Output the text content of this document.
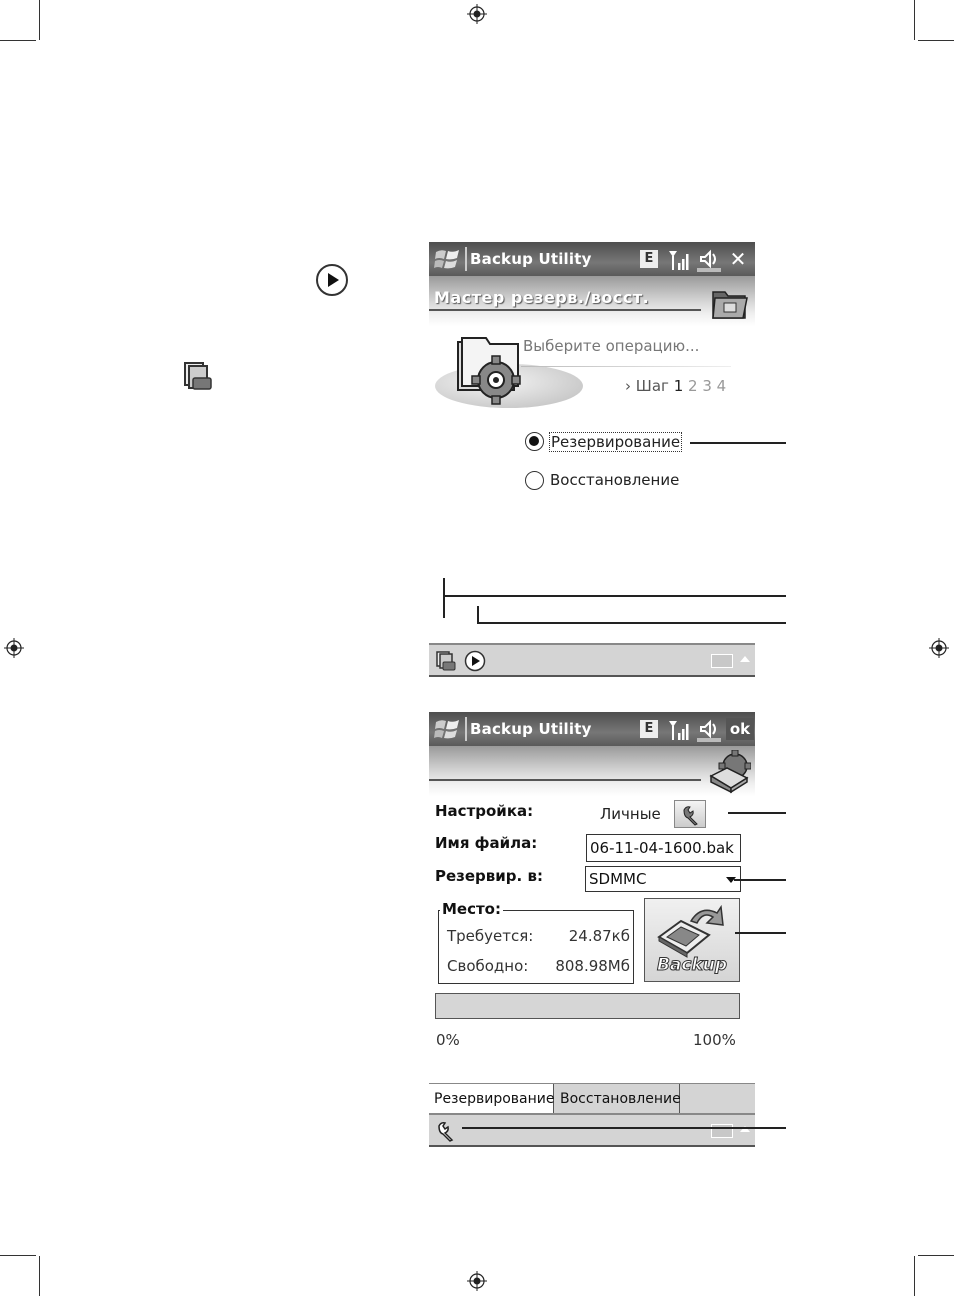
Backup Utility	E	✕
Мастер резерв./восст.
Выберите операцию...
› Шаг 1 2 3 4
Резервирование
Восстановление
Backup Utility	E	ok
Настройка:	Личные
Имя файла:	06-11-04-1600.bak
Резервир. в:	SDMMC
Место:
Требуется:	24.87кб
Свободно:	808.98Мб	Backup
0%	100%
Резервирование Восстановление
